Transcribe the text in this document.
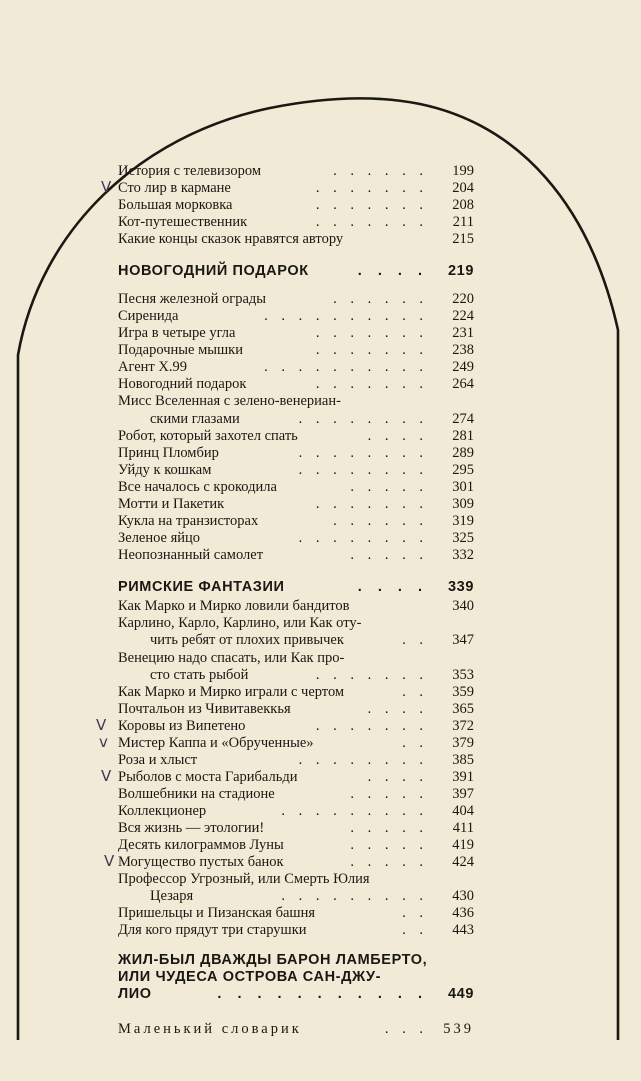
История с телевизором	. . . . . .	199
Сто лир в кармане	. . . . . . .	204
V
Большая морковка	. . . . . . .	208
Кот-путешественник	. . . . . . .	211
Какие концы сказок нравятся автору	215
НОВОГОДНИЙ ПОДАРОК	. . . .	219
Песня железной ограды	. . . . . .	220
Сиренида	. . . . . . . . . .	224
Игра в четыре угла	. . . . . . .	231
Подарочные мышки	. . . . . . .	238
Агент X.99	. . . . . . . . . .	249
Новогодний подарок	. . . . . . .	264
Мисс Вселенная с зелено-венериан-
скими глазами	. . . . . . . .	274
Робот, который захотел спать	. . . .	281
Принц Пломбир	. . . . . . . .	289
Уйду к кошкам	. . . . . . . .	295
Все началось с крокодила	. . . . .	301
Мотти и Пакетик	. . . . . . .	309
Кукла на транзисторах	. . . . . .	319
Зеленое яйцо	. . . . . . . .	325
Неопознанный самолет	. . . . .	332
РИМСКИЕ ФАНТАЗИИ	. . . .	339
Как Марко и Мирко ловили бандитов	340
Карлино, Карло, Карлино, или Как оту-
чить ребят от плохих привычек	. .	347
Венецию надо спасать, или Как про-
сто стать рыбой	. . . . . . .	353
Как Марко и Мирко играли с чертом	. .	359
Почтальон из Чивитавеккья	. . . .	365
Коровы из Випетено	. . . . . . .	372
V
Мистер Каппа и «Обрученные»	. .	379
v
Роза и хлыст	. . . . . . . .	385
Рыболов с моста Гарибальди	. . . .	391
V
Волшебники на стадионе	. . . . .	397
Коллекционер	. . . . . . . . .	404
Вся жизнь — этологии!	. . . . .	411
Десять килограммов Луны	. . . . .	419
Могущество пустых банок	. . . . .	424
V
Профессор Угрозный, или Смерть Юлия
Цезаря	. . . . . . . . .	430
Пришельцы и Пизанская башня	. .	436
Для кого прядут три старушки	. .	443
ЖИЛ-БЫЛ ДВАЖДЫ БАРОН ЛАМБЕРТО,
ИЛИ ЧУДЕСА ОСТРОВА САН-ДЖУ-
ЛИО	. . . . . . . . . . .	449
Маленький словарик	. . .	539
